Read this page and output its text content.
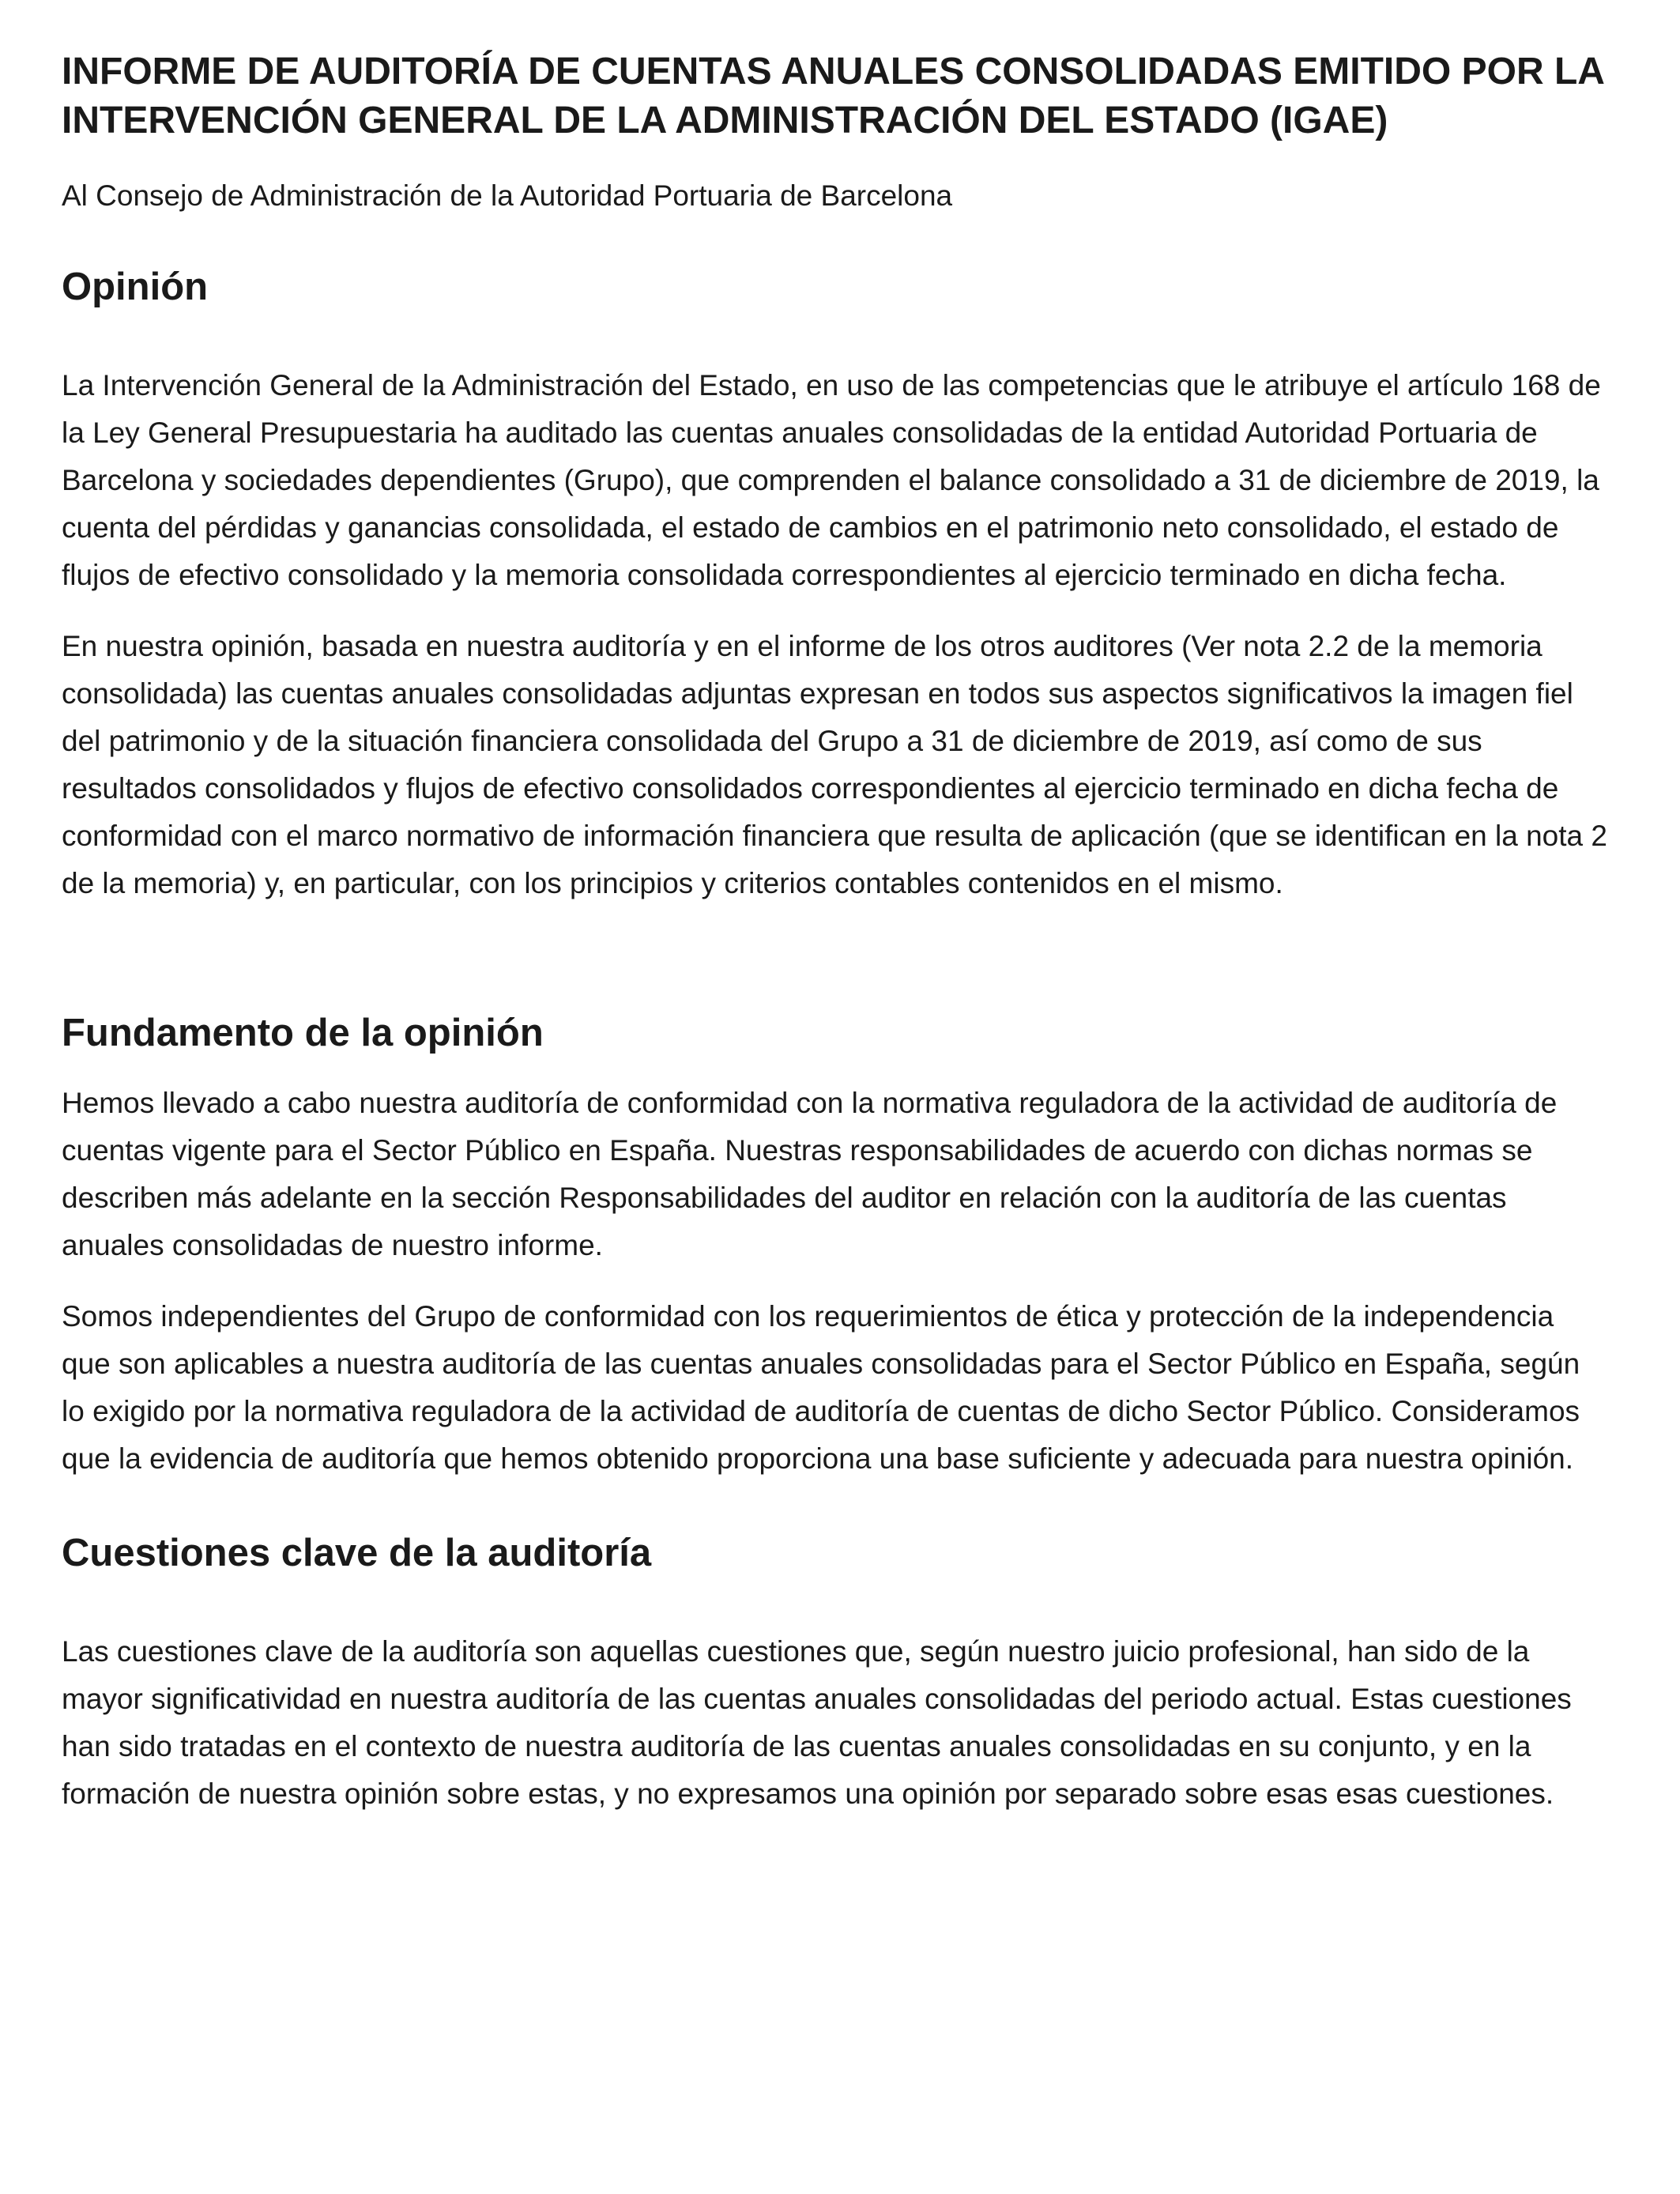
INFORME DE AUDITORÍA DE CUENTAS ANUALES CONSOLIDADAS EMITIDO POR LA INTERVENCIÓN GENERAL DE LA ADMINISTRACIÓN DEL ESTADO (IGAE)

Al Consejo de Administración de la Autoridad Portuaria de Barcelona

Opinión

La Intervención General de la Administración del Estado, en uso de las competencias que le atribuye el artículo 168 de la Ley General Presupuestaria ha auditado las cuentas anuales consolidadas de la entidad Autoridad Portuaria de Barcelona y sociedades dependientes (Grupo), que comprenden el balance consolidado a 31 de diciembre de 2019, la cuenta del pérdidas y ganancias consolidada, el estado de cambios en el patrimonio neto consolidado, el estado de flujos de efectivo consolidado y la memoria consolidada correspondientes al ejercicio terminado en dicha fecha.

En nuestra opinión, basada en nuestra auditoría y en el informe de los otros auditores (Ver nota 2.2 de la memoria consolidada) las cuentas anuales consolidadas adjuntas expresan en todos sus aspectos significativos la imagen fiel del patrimonio y de la situación financiera consolidada del Grupo a 31 de diciembre de 2019, así como de sus resultados consolidados y flujos de efectivo consolidados correspondientes al ejercicio terminado en dicha fecha de conformidad con el marco normativo de información financiera que resulta de aplicación (que se identifican en la nota 2 de la memoria) y, en particular, con los principios y criterios contables contenidos en el mismo.

Fundamento de la opinión

Hemos llevado a cabo nuestra auditoría de conformidad con la normativa reguladora de la actividad de auditoría de cuentas vigente para el Sector Público en España. Nuestras responsabilidades de acuerdo con dichas normas se describen más adelante en la sección Responsabilidades del auditor en relación con la auditoría de las cuentas anuales consolidadas de nuestro informe.

Somos independientes del Grupo de conformidad con los requerimientos de ética y protección de la independencia que son aplicables a nuestra auditoría de las cuentas anuales consolidadas para el Sector Público en España, según lo exigido por la normativa reguladora de la actividad de auditoría de cuentas de dicho Sector Público. Consideramos que la evidencia de auditoría que hemos obtenido proporciona una base suficiente y adecuada para nuestra opinión.

Cuestiones clave de la auditoría

Las cuestiones clave de la auditoría son aquellas cuestiones que, según nuestro juicio profesional, han sido de la mayor significatividad en nuestra auditoría de las cuentas anuales consolidadas del periodo actual. Estas cuestiones han sido tratadas en el contexto de nuestra auditoría de las cuentas anuales consolidadas en su conjunto, y en la formación de nuestra opinión sobre estas, y no expresamos una opinión por separado sobre esas esas cuestiones.
